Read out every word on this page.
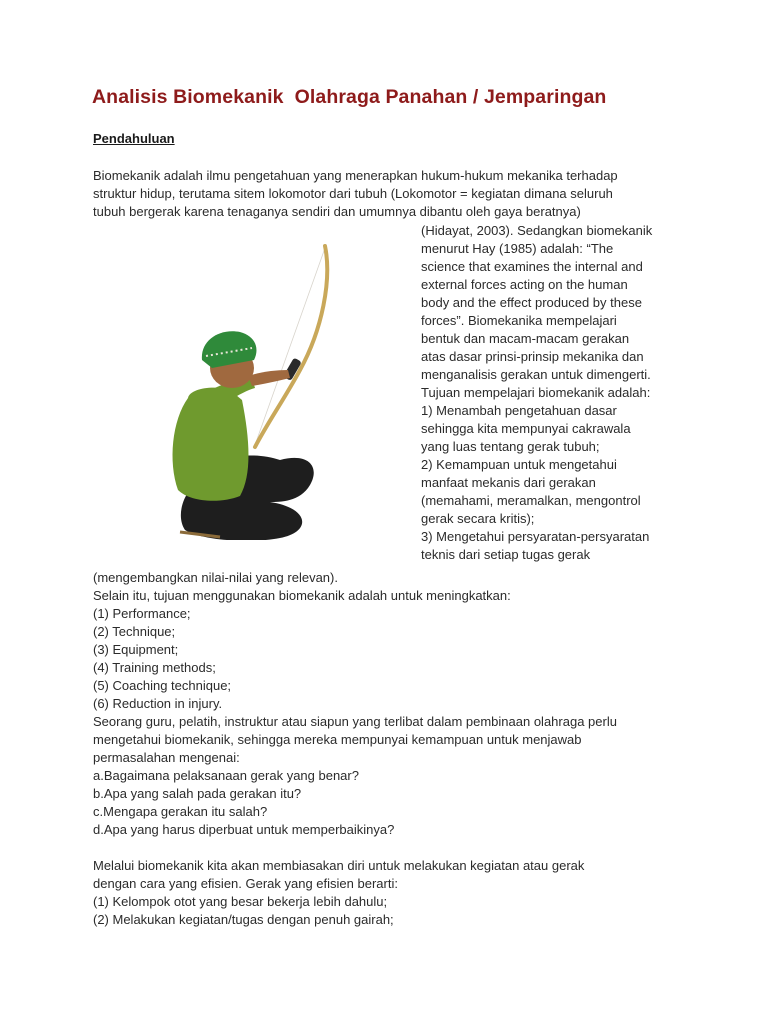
Analisis Biomekanik  Olahraga Panahan / Jemparingan
Pendahuluan
Biomekanik adalah ilmu pengetahuan yang menerapkan hukum-hukum mekanika terhadap
struktur hidup, terutama sitem lokomotor dari tubuh (Lokomotor = kegiatan dimana seluruh
tubuh bergerak karena tenaganya sendiri dan umumnya dibantu oleh gaya beratnya)
(Hidayat, 2003). Sedangkan biomekanik
menurut Hay (1985) adalah: “The
science that examines the internal and
external forces acting on the human
body and the effect produced by these
forces”. Biomekanika mempelajari
bentuk dan macam-macam gerakan
atas dasar prinsi-prinsip mekanika dan
menganalisis gerakan untuk dimengerti.
Tujuan mempelajari biomekanik adalah:
1) Menambah pengetahuan dasar
sehingga kita mempunyai cakrawala
yang luas tentang gerak tubuh;
2) Kemampuan untuk mengetahui
manfaat mekanis dari gerakan
(memahami, meramalkan, mengontrol
gerak secara kritis);
3) Mengetahui persyaratan-persyaratan
teknis dari setiap tugas gerak
(mengembangkan nilai-nilai yang relevan).
Selain itu, tujuan menggunakan biomekanik adalah untuk meningkatkan:
(1) Performance;
(2) Technique;
(3) Equipment;
(4) Training methods;
(5) Coaching technique;
(6) Reduction in injury.
Seorang guru, pelatih, instruktur atau siapun yang terlibat dalam pembinaan olahraga perlu
mengetahui biomekanik, sehingga mereka mempunyai kemampuan untuk menjawab
permasalahan mengenai:
a.Bagaimana pelaksanaan gerak yang benar?
b.Apa yang salah pada gerakan itu?
c.Mengapa gerakan itu salah?
d.Apa yang harus diperbuat untuk memperbaikinya?
Melalui biomekanik kita akan membiasakan diri untuk melakukan kegiatan atau gerak
dengan cara yang efisien. Gerak yang efisien berarti:
(1) Kelompok otot yang besar bekerja lebih dahulu;
(2) Melakukan kegiatan/tugas dengan penuh gairah;
